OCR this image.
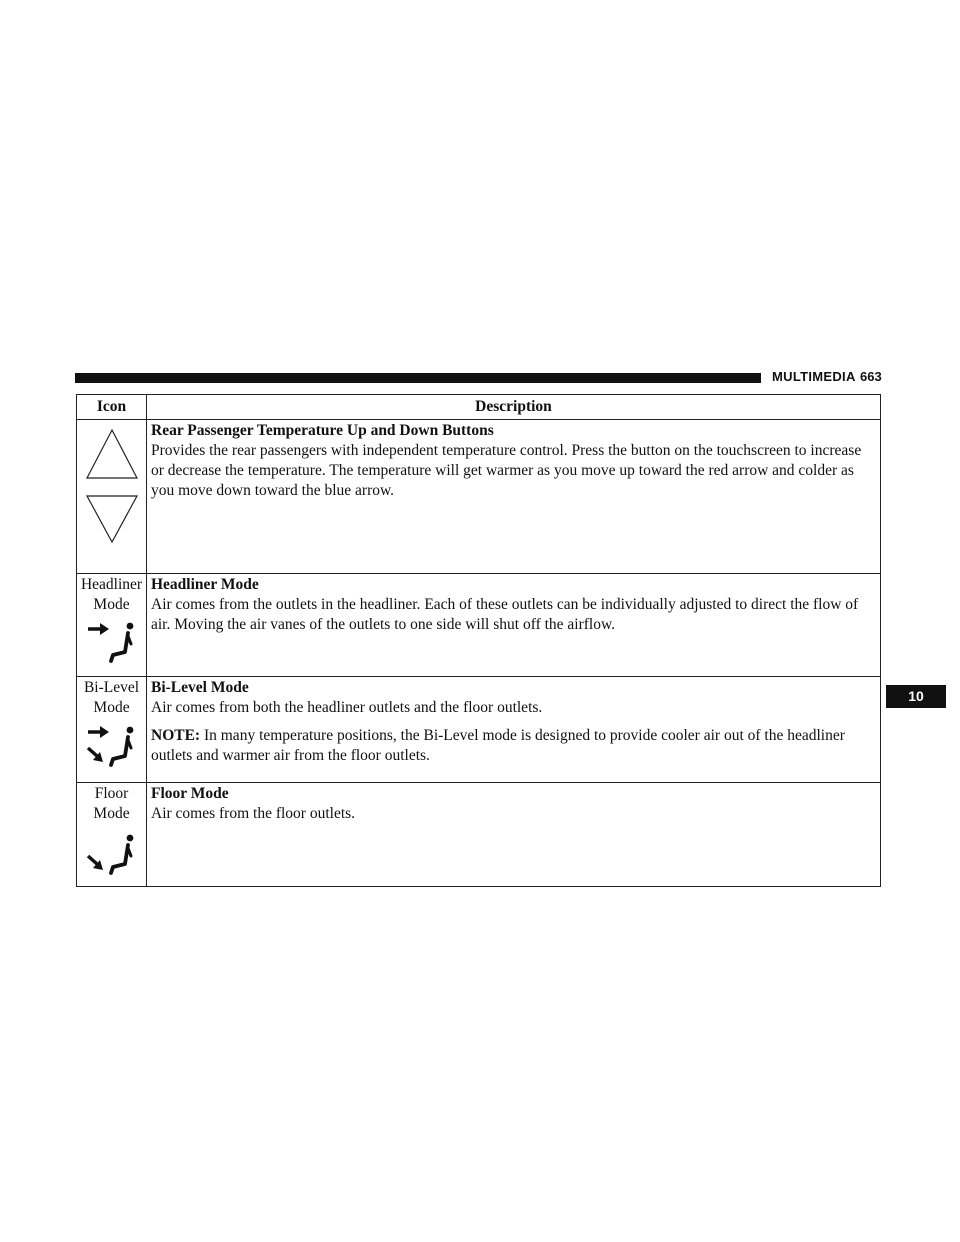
MULTIMEDIA 663
10
Icon	Description

Rear Passenger Temperature Up and Down Buttons
Provides the rear passengers with independent temperature control. Press the button on the touchscreen to increase or decrease the temperature. The temperature will get warmer as you move up toward the red arrow and colder as you move down toward the blue arrow.

Headliner
Mode	Headliner Mode
Air comes from the outlets in the headliner. Each of these outlets can be individually adjusted to direct the flow of air. Moving the air vanes of the outlets to one side will shut off the airflow.

Bi-Level
Mode	Bi-Level Mode
Air comes from both the headliner outlets and the floor outlets.
NOTE: In many temperature positions, the Bi-Level mode is designed to provide cooler air out of the headliner outlets and warmer air from the floor outlets.

Floor
Mode	Floor Mode
Air comes from the floor outlets.
